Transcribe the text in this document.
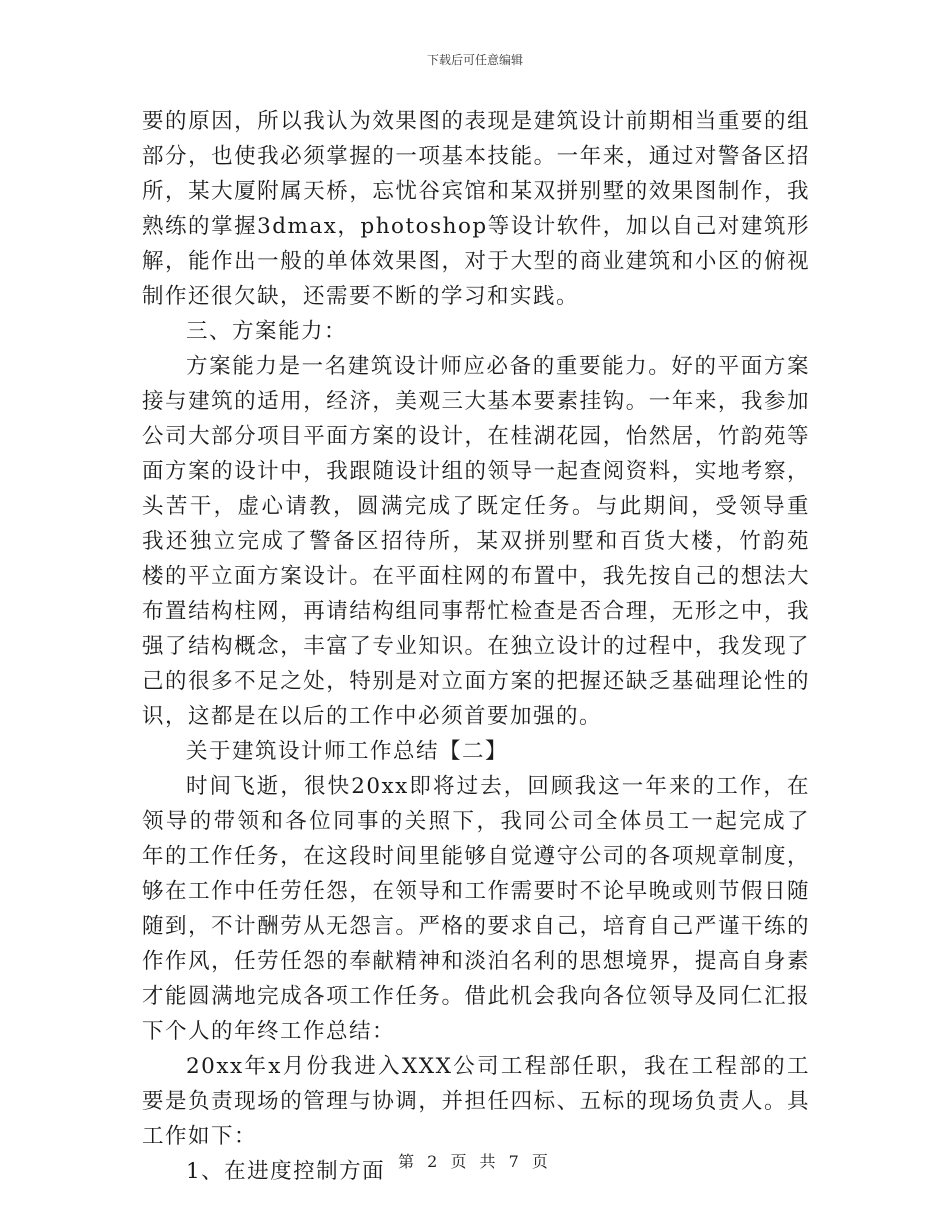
下载后可任意编辑
要的原因，所以我认为效果图的表现是建筑设计前期相当重要的组
部分，也使我必须掌握的一项基本技能。一年来，通过对警备区招
所，某大厦附属天桥，忘忧谷宾馆和某双拼别墅的效果图制作，我
熟练的掌握3dmax，photoshop等设计软件，加以自己对建筑形
解，能作出一般的单体效果图，对于大型的商业建筑和小区的俯视
制作还很欠缺，还需要不断的学习和实践。
三、方案能力：
方案能力是一名建筑设计师应必备的重要能力。好的平面方案
接与建筑的适用，经济，美观三大基本要素挂钩。一年来，我参加
公司大部分项目平面方案的设计，在桂湖花园，怡然居，竹韵苑等
面方案的设计中，我跟随设计组的领导一起查阅资料，实地考察，
头苦干，虚心请教，圆满完成了既定任务。与此期间，受领导重
我还独立完成了警备区招待所，某双拼别墅和百货大楼，竹韵苑
楼的平立面方案设计。在平面柱网的布置中，我先按自己的想法大
布置结构柱网，再请结构组同事帮忙检查是否合理，无形之中，我
强了结构概念，丰富了专业知识。在独立设计的过程中，我发现了
己的很多不足之处，特别是对立面方案的把握还缺乏基础理论性的
识，这都是在以后的工作中必须首要加强的。
关于建筑设计师工作总结【二】
时间飞逝，很快20xx即将过去，回顾我这一年来的工作，在
领导的带领和各位同事的关照下，我同公司全体员工一起完成了
年的工作任务，在这段时间里能够自觉遵守公司的各项规章制度，
够在工作中任劳任怨，在领导和工作需要时不论早晚或则节假日随
随到，不计酬劳从无怨言。严格的要求自己，培育自己严谨干练的
作作风，任劳任怨的奉献精神和淡泊名利的思想境界，提高自身素
才能圆满地完成各项工作任务。借此机会我向各位领导及同仁汇报
下个人的年终工作总结：
20xx年x月份我进入XXX公司工程部任职，我在工程部的工
要是负责现场的管理与协调，并担任四标、五标的现场负责人。具
工作如下：
1、在进度控制方面 第 2 页 共 7 页
